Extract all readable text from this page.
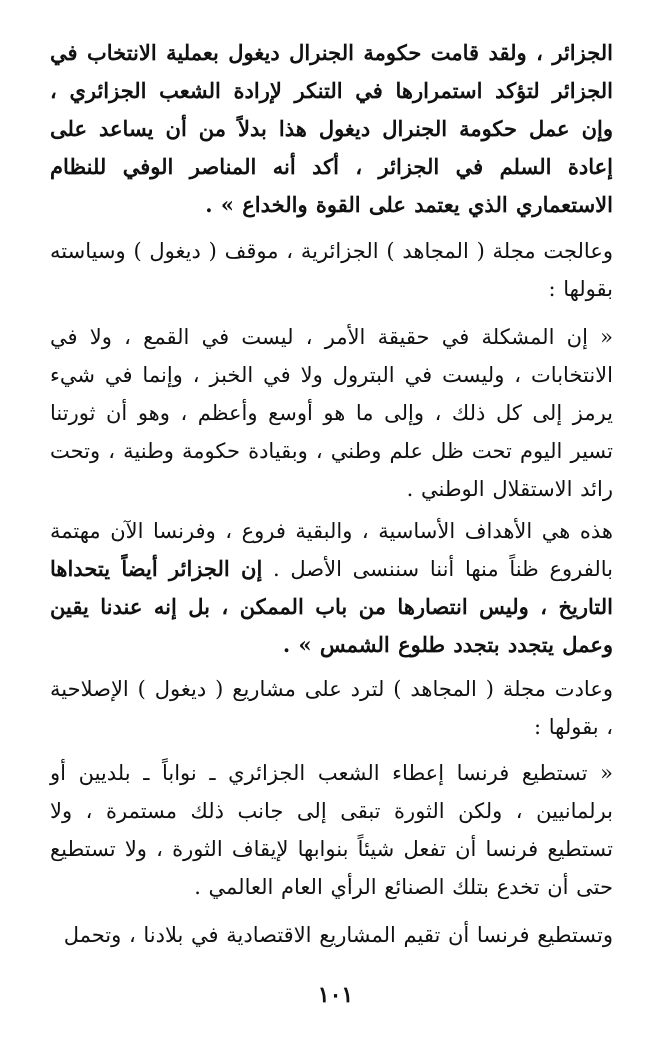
الجزائر ، ولقد قامت حكومة الجنرال ديغول بعملية الانتخاب في الجزائر لتؤكد استمرارها في التنكر لإرادة الشعب الجزائري ، وإن عمل حكومة الجنرال ديغول هذا بدلاً من أن يساعد على إعادة السلم في الجزائر ، أكد أنه المناصر الوفي للنظام الاستعماري الذي يعتمد على القوة والخداع » .

وعالجت مجلة ( المجاهد ) الجزائرية ، موقف ( ديغول ) وسياسته بقولها :

« إن المشكلة في حقيقة الأمر ، ليست في القمع ، ولا في الانتخابات ، وليست في البترول ولا في الخبز ، وإنما في شيء يرمز إلى كل ذلك ، وإلى ما هو أوسع وأعظم ، وهو أن ثورتنا تسير اليوم تحت ظل علم وطني ، وبقيادة حكومة وطنية ، وتحت رائد الاستقلال الوطني .

هذه هي الأهداف الأساسية ، والبقية فروع ، وفرنسا الآن مهتمة بالفروع ظناً منها أننا سننسى الأصل . إن الجزائر أيضاً يتحداها التاريخ ، وليس انتصارها من باب الممكن ، بل إنه عندنا يقين وعمل يتجدد بتجدد طلوع الشمس » .

وعادت مجلة ( المجاهد ) لترد على مشاريع ( ديغول ) الإصلاحية ، بقولها :

« تستطيع فرنسا إعطاء الشعب الجزائري ـ نواباً ـ بلديين أو برلمانيين ، ولكن الثورة تبقى إلى جانب ذلك مستمرة ، ولا تستطيع فرنسا أن تفعل شيئاً بنوابها لإيقاف الثورة ، ولا تستطيع حتى أن تخدع بتلك الصنائع الرأي العام العالمي .

وتستطيع فرنسا أن تقيم المشاريع الاقتصادية في بلادنا ، وتحمل

١٠١
